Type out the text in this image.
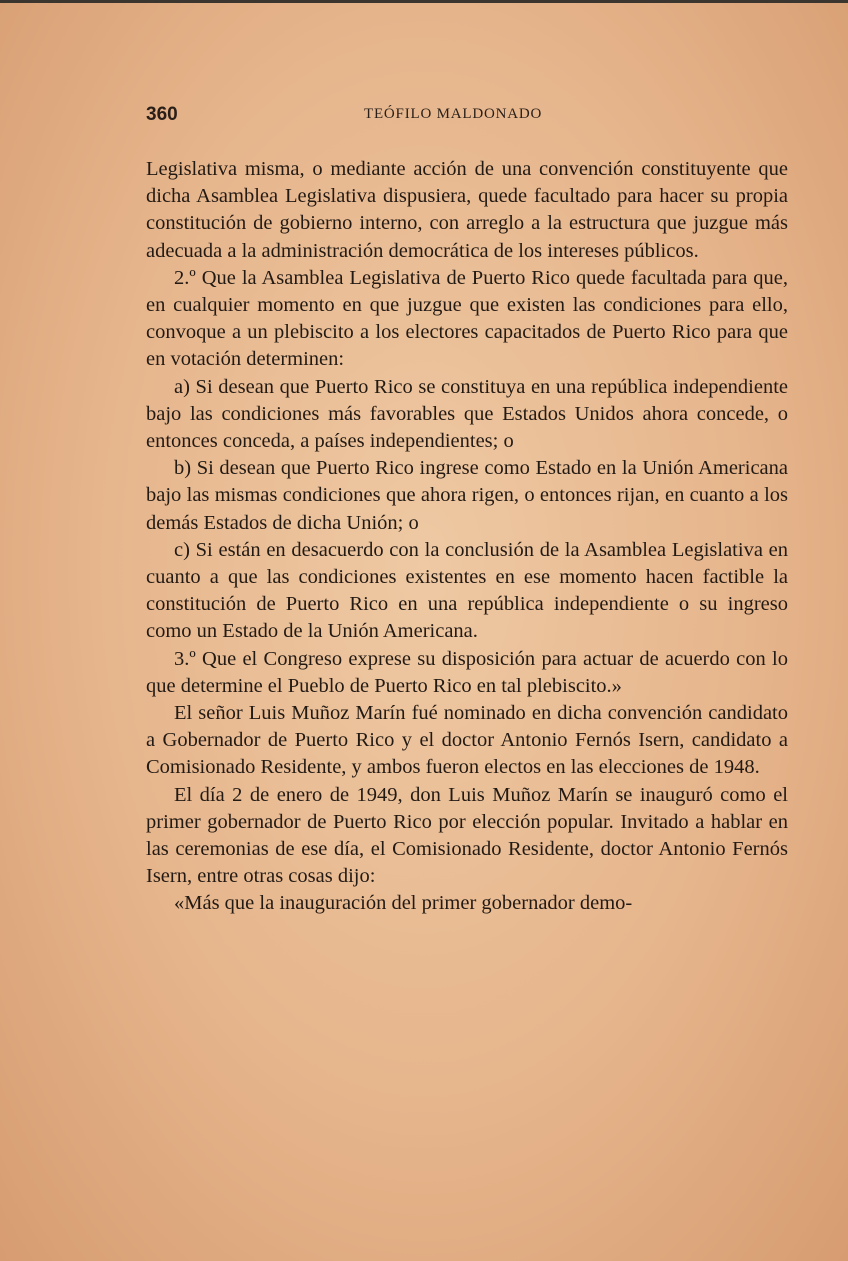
360	TEÓFILO MALDONADO

Legislativa misma, o mediante acción de una convención constituyente que dicha Asamblea Legislativa dispusiera, quede facultado para hacer su propia constitución de gobierno interno, con arreglo a la estructura que juzgue más adecuada a la administración democrática de los intereses públicos.

2.º Que la Asamblea Legislativa de Puerto Rico quede facultada para que, en cualquier momento en que juzgue que existen las condiciones para ello, convoque a un plebiscito a los electores capacitados de Puerto Rico para que en votación determinen:

a) Si desean que Puerto Rico se constituya en una república independiente bajo las condiciones más favorables que Estados Unidos ahora concede, o entonces conceda, a países independientes; o

b) Si desean que Puerto Rico ingrese como Estado en la Unión Americana bajo las mismas condiciones que ahora rigen, o entonces rijan, en cuanto a los demás Estados de dicha Unión; o

c) Si están en desacuerdo con la conclusión de la Asamblea Legislativa en cuanto a que las condiciones existentes en ese momento hacen factible la constitución de Puerto Rico en una república independiente o su ingreso como un Estado de la Unión Americana.

3.º Que el Congreso exprese su disposición para actuar de acuerdo con lo que determine el Pueblo de Puerto Rico en tal plebiscito.»

El señor Luis Muñoz Marín fué nominado en dicha convención candidato a Gobernador de Puerto Rico y el doctor Antonio Fernós Isern, candidato a Comisionado Residente, y ambos fueron electos en las elecciones de 1948.

El día 2 de enero de 1949, don Luis Muñoz Marín se inauguró como el primer gobernador de Puerto Rico por elección popular. Invitado a hablar en las ceremonias de ese día, el Comisionado Residente, doctor Antonio Fernós Isern, entre otras cosas dijo:

«Más que la inauguración del primer gobernador demo-
